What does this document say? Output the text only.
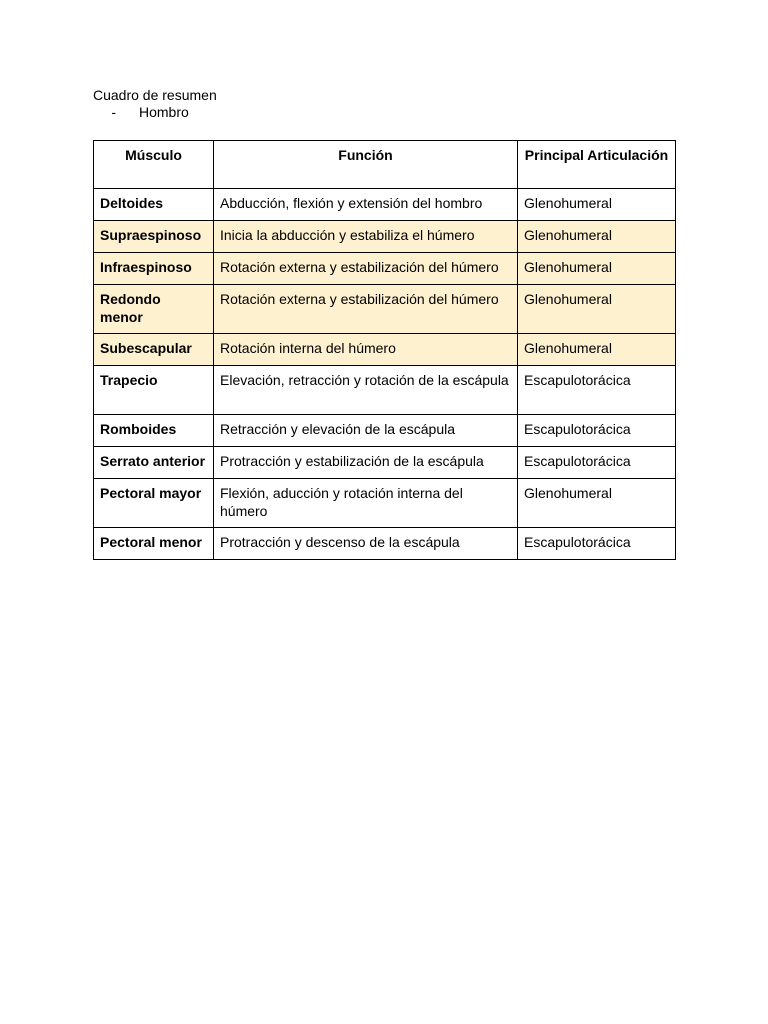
Cuadro de resumen
- Hombro
Músculo	Función	Principal Articulación
Deltoides	Abducción, flexión y extensión del hombro	Glenohumeral
Supraespinoso	Inicia la abducción y estabiliza el húmero	Glenohumeral
Infraespinoso	Rotación externa y estabilización del húmero	Glenohumeral
Redondo menor	Rotación externa y estabilización del húmero	Glenohumeral
Subescapular	Rotación interna del húmero	Glenohumeral
Trapecio	Elevación, retracción y rotación de la escápula	Escapulotorácica
Romboides	Retracción y elevación de la escápula	Escapulotorácica
Serrato anterior	Protracción y estabilización de la escápula	Escapulotorácica
Pectoral mayor	Flexión, aducción y rotación interna del húmero	Glenohumeral
Pectoral menor	Protracción y descenso de la escápula	Escapulotorácica
